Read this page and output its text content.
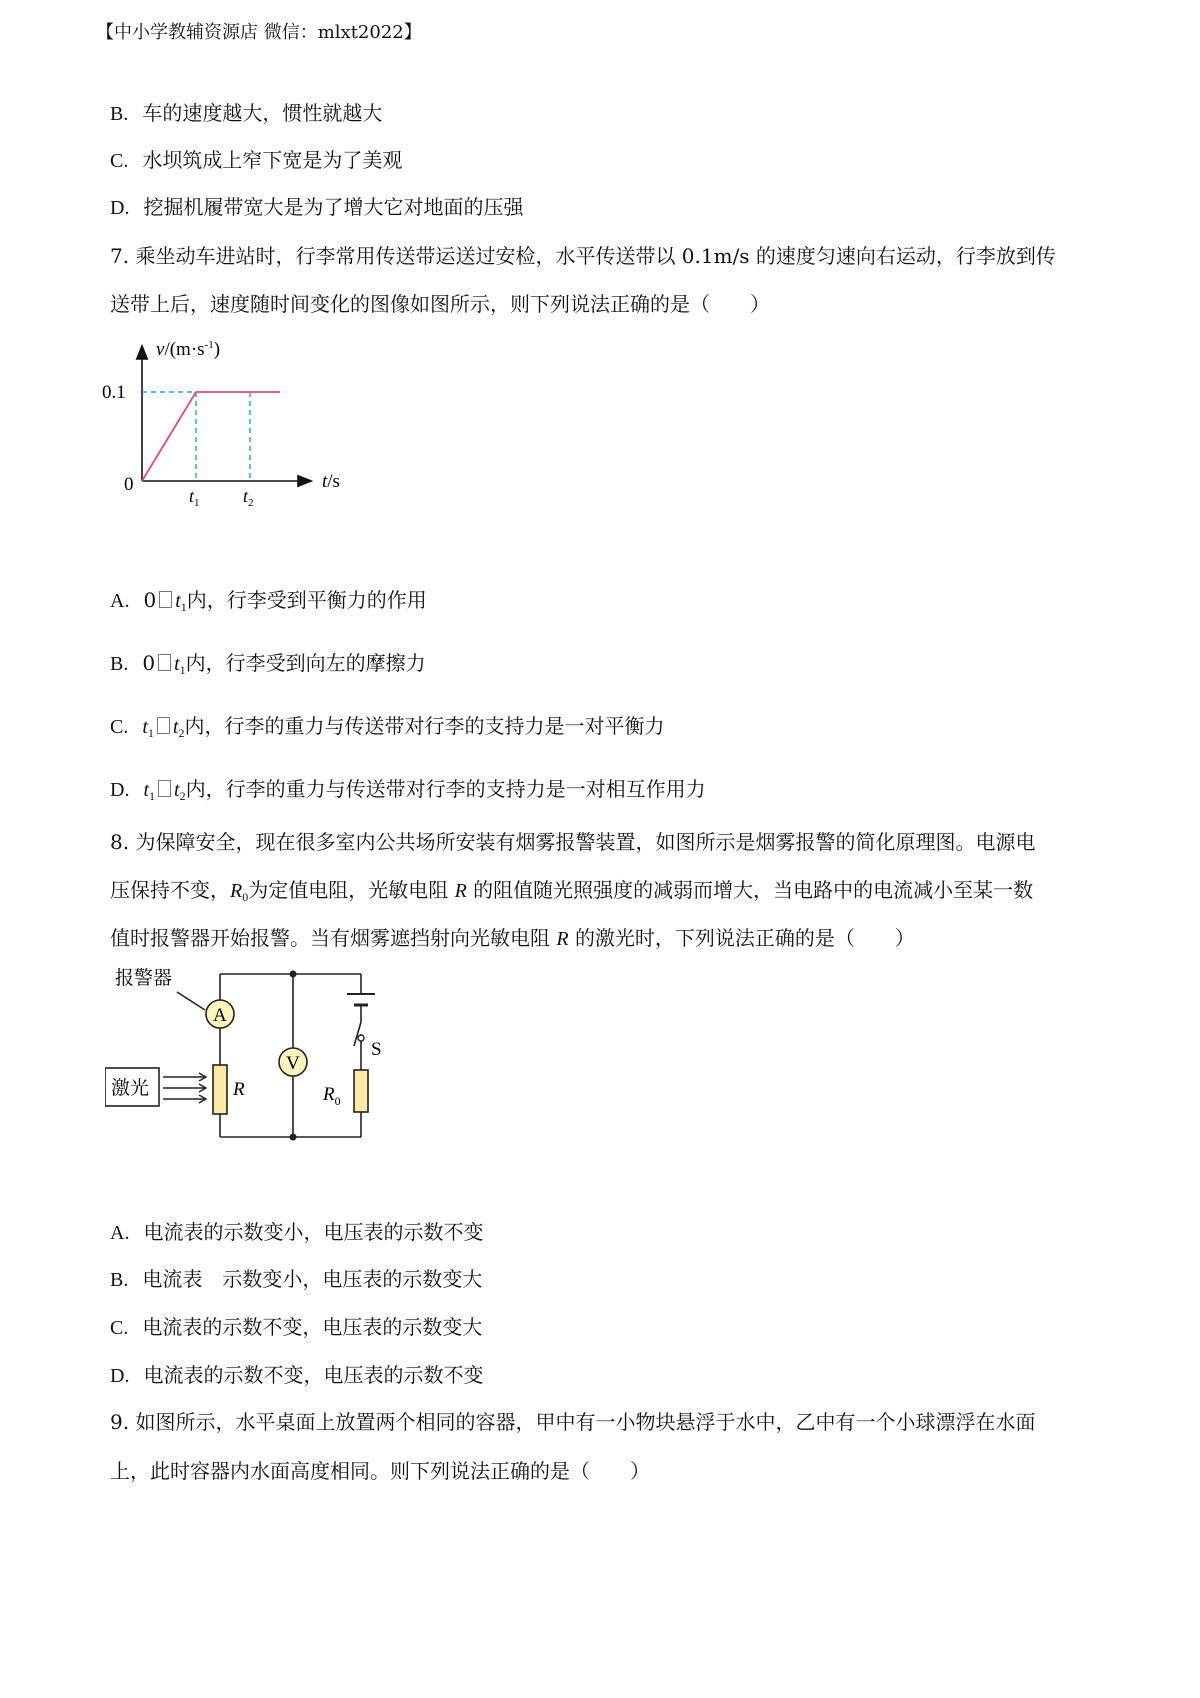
【中小学教辅资源店 微信：mlxt2022】
B. 车的速度越大，惯性就越大
C. 水坝筑成上窄下宽是为了美观
D. 挖掘机履带宽大是为了增大它对地面的压强
7. 乘坐动车进站时，行李常用传送带运送过安检，水平传送带以 0.1m/s 的速度匀速向右运动，行李放到传
送带上后，速度随时间变化的图像如图所示，则下列说法正确的是（　　）
$v/(m\cdot s^{-1})$
0.1
0	t/s
$t_1$ $t_2$
A. 0 $t_1$内，行李受到平衡力的作用
B. 0 $t_1$内，行李受到向左的摩擦力
C. $t_1$ $t_2$内，行李的重力与传送带对行李的支持力是一对平衡力
D. $t_1$ $t_2$内，行李的重力与传送带对行李的支持力是一对相互作用力
8. 为保障安全，现在很多室内公共场所安装有烟雾报警装置，如图所示是烟雾报警的简化原理图。电源电
压保持不变，$R_0$为定值电阻，光敏电阻 R 的阻值随光照强度的减弱而增大，当电路中的电流减小至某一数
值时报警器开始报警。当有烟雾遮挡射向光敏电阻 R 的激光时，下列说法正确的是（　　）
A
V
R	$R_0$
S
报警器
激光
A. 电流表的示数变小，电压表的示数不变
B. 电流表　示数变小，电压表的示数变大
C. 电流表的示数不变，电压表的示数变大
D. 电流表的示数不变，电压表的示数不变
9. 如图所示，水平桌面上放置两个相同的容器，甲中有一小物块悬浮于水中，乙中有一个小球漂浮在水面
上，此时容器内水面高度相同。则下列说法正确的是（　　）
